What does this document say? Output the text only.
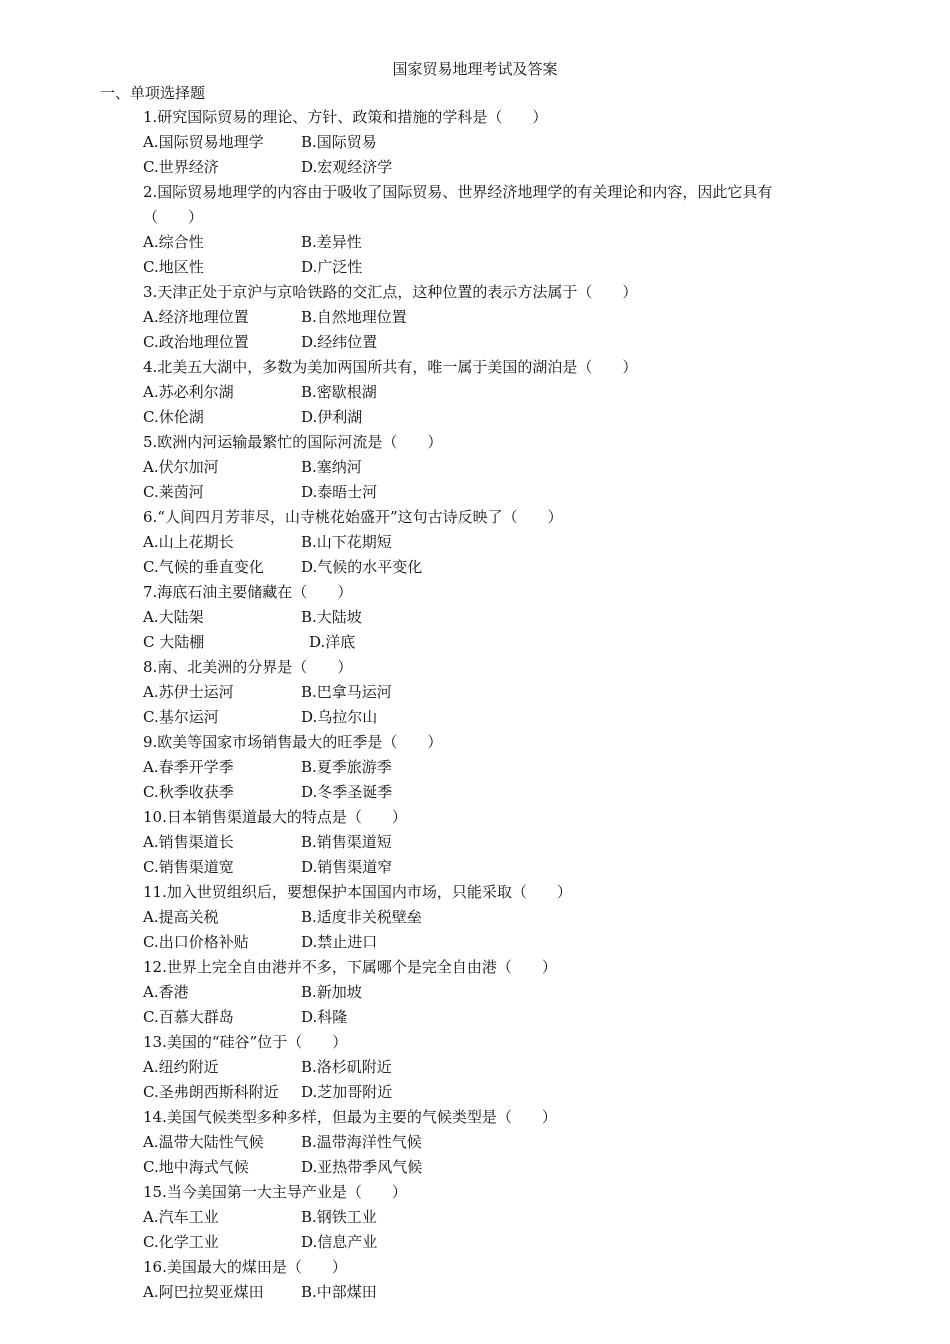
国家贸易地理考试及答案
一、单项选择题
1.研究国际贸易的理论、方针、政策和措施的学科是（　　）
A.国际贸易地理学	B.国际贸易
C.世界经济	D.宏观经济学
2.国际贸易地理学的内容由于吸收了国际贸易、世界经济地理学的有关理论和内容，因此它具有（　　）
A.综合性	B.差异性
C.地区性	D.广泛性
3.天津正处于京沪与京哈铁路的交汇点，这种位置的表示方法属于（　　）
A.经济地理位置	B.自然地理位置
C.政治地理位置	D.经纬位置
4.北美五大湖中，多数为美加两国所共有，唯一属于美国的湖泊是（　　）
A.苏必利尔湖	B.密歇根湖
C.休伦湖	D.伊利湖
5.欧洲内河运输最繁忙的国际河流是（　　）
A.伏尔加河	B.塞纳河
C.莱茵河	D.泰晤士河
6.“人间四月芳菲尽，山寺桃花始盛开”这句古诗反映了（　　）
A.山上花期长	B.山下花期短
C.气候的垂直变化	D.气候的水平变化
7.海底石油主要储藏在（　　）
A.大陆架	B.大陆坡
C 大陆棚	D.洋底
8.南、北美洲的分界是（　　）
A.苏伊士运河	B.巴拿马运河
C.基尔运河	D.乌拉尔山
9.欧美等国家市场销售最大的旺季是（　　）
A.春季开学季	B.夏季旅游季
C.秋季收获季	D.冬季圣诞季
10.日本销售渠道最大的特点是（　　）
A.销售渠道长	B.销售渠道短
C.销售渠道宽	D.销售渠道窄
11.加入世贸组织后，要想保护本国国内市场，只能采取（　　）
A.提高关税	B.适度非关税壁垒
C.出口价格补贴	D.禁止进口
12.世界上完全自由港并不多，下属哪个是完全自由港（　　）
A.香港	B.新加坡
C.百慕大群岛	D.科隆
13.美国的“硅谷”位于（　　）
A.纽约附近	B.洛杉矶附近
C.圣弗朗西斯科附近	D.芝加哥附近
14.美国气候类型多种多样，但最为主要的气候类型是（　　）
A.温带大陆性气候	B.温带海洋性气候
C.地中海式气候	D.亚热带季风气候
15.当今美国第一大主导产业是（　　）
A.汽车工业	B.钢铁工业
C.化学工业	D.信息产业
16.美国最大的煤田是（　　）
A.阿巴拉契亚煤田	B.中部煤田
